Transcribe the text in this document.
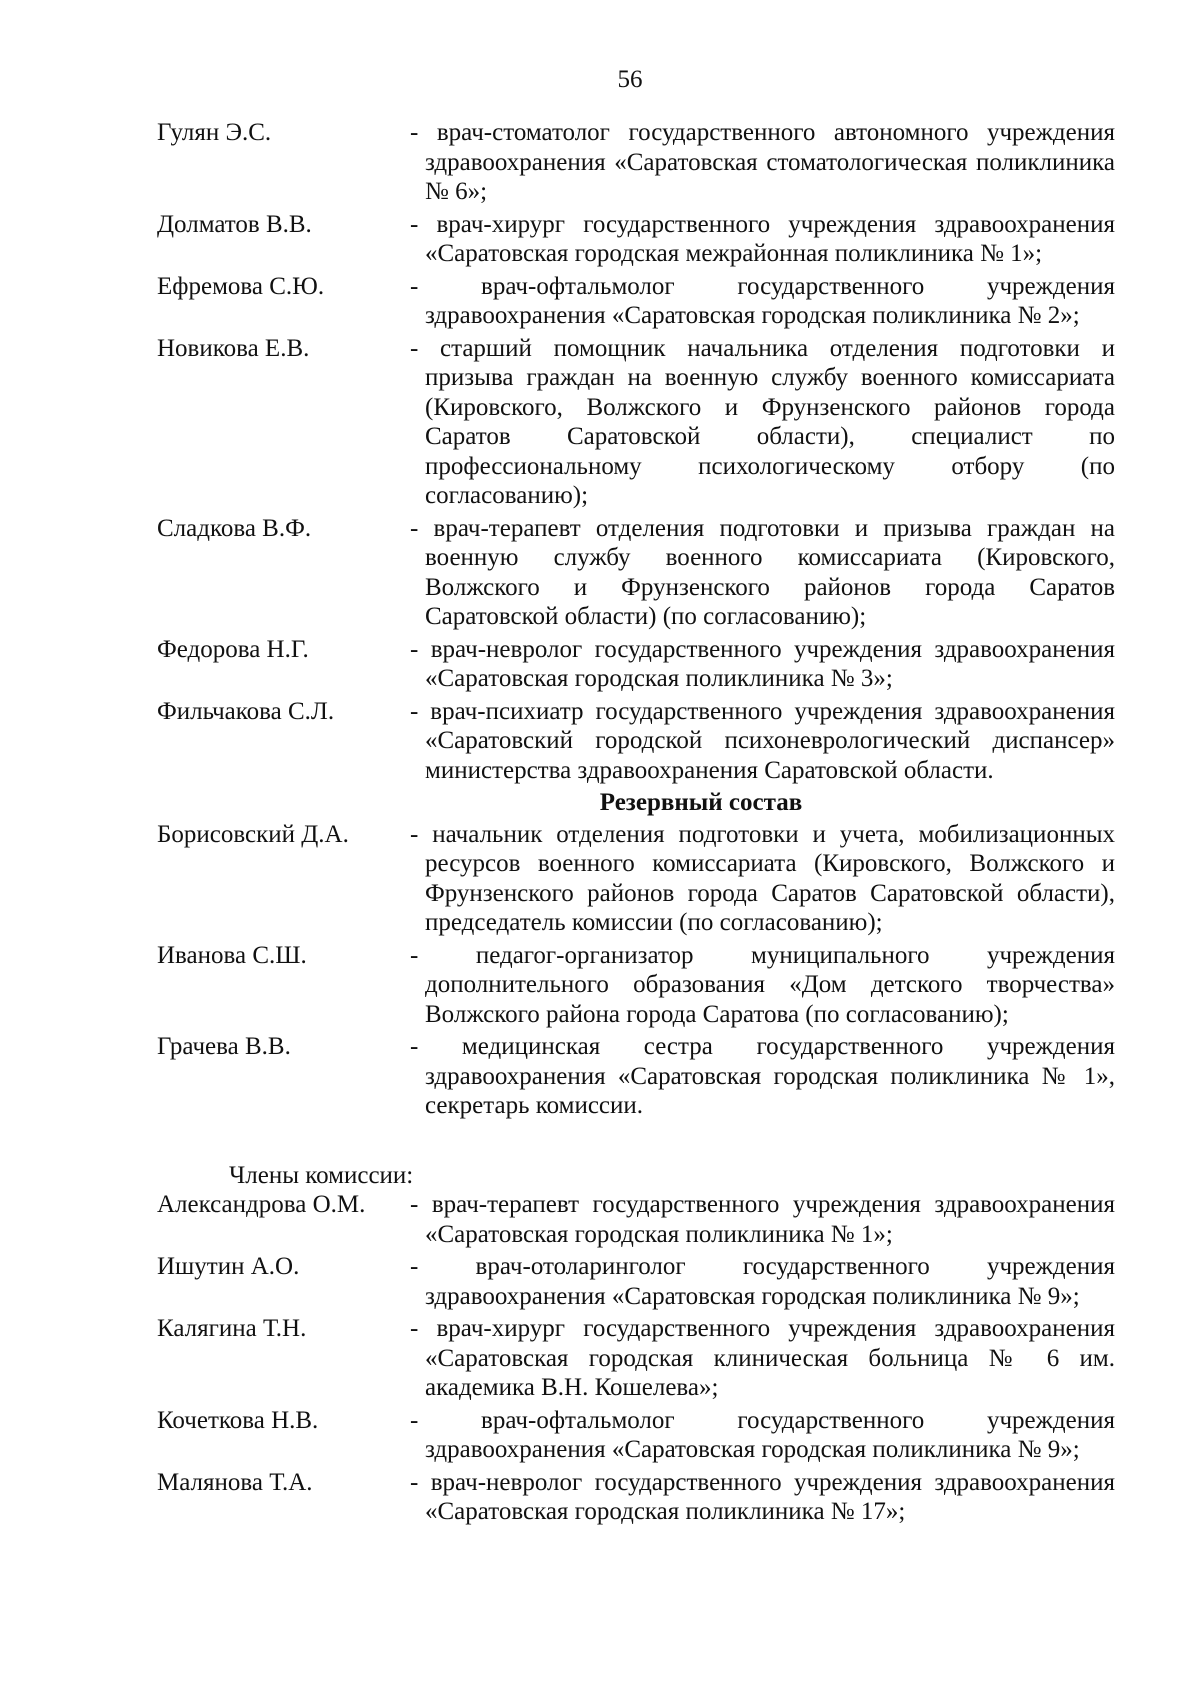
56
Гулян Э.С.	- врач-стоматолог государственного автономного учреждения здравоохранения «Саратовская стоматологическая поликлиника № 6»;
Долматов В.В.	- врач-хирург государственного учреждения здравоохранения «Саратовская городская межрайонная поликлиника № 1»;
Ефремова С.Ю.	- врач-офтальмолог государственного учреждения здравоохранения «Саратовская городская поликлиника № 2»;
Новикова Е.В.	- старший помощник начальника отделения подготовки и призыва граждан на военную службу военного комиссариата (Кировского, Волжского и Фрунзенского районов города Саратов Саратовской области), специалист по профессиональному психологическому отбору (по согласованию);
Сладкова В.Ф.	- врач-терапевт отделения подготовки и призыва граждан на военную службу военного комиссариата (Кировского, Волжского и Фрунзенского районов города Саратов Саратовской области) (по согласованию);
Федорова Н.Г.	- врач-невролог государственного учреждения здравоохранения «Саратовская городская поликлиника № 3»;
Фильчакова С.Л.	- врач-психиатр государственного учреждения здравоохранения «Саратовский городской психоневрологический диспансер» министерства здравоохранения Саратовской области.
Резервный состав
Борисовский Д.А.	- начальник отделения подготовки и учета, мобилизационных ресурсов военного комиссариата (Кировского, Волжского и Фрунзенского районов города Саратов Саратовской области), председатель комиссии (по согласованию);
Иванова С.Ш.	- педагог-организатор муниципального учреждения дополнительного образования «Дом детского творчества» Волжского района города Саратова (по согласованию);
Грачева В.В.	- медицинская сестра государственного учреждения здравоохранения «Саратовская городская поликлиника № 1», секретарь комиссии.
Члены комиссии:
Александрова О.М.	- врач-терапевт государственного учреждения здравоохранения «Саратовская городская поликлиника № 1»;
Ишутин А.О.	- врач-отоларинголог государственного учреждения здравоохранения «Саратовская городская поликлиника № 9»;
Калягина Т.Н.	- врач-хирург государственного учреждения здравоохранения «Саратовская городская клиническая больница № 6 им. академика В.Н. Кошелева»;
Кочеткова Н.В.	- врач-офтальмолог государственного учреждения здравоохранения «Саратовская городская поликлиника № 9»;
Малянова Т.А.	- врач-невролог государственного учреждения здравоохранения «Саратовская городская поликлиника № 17»;
